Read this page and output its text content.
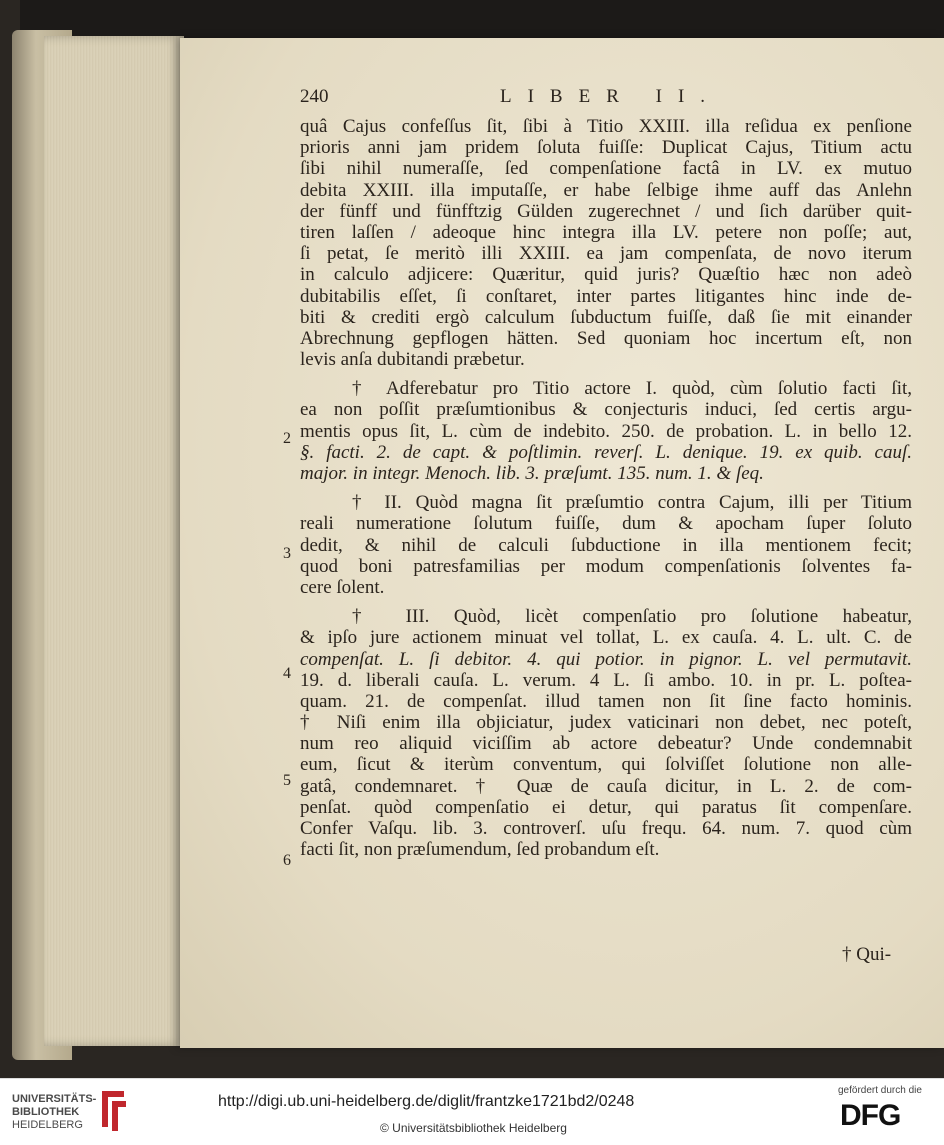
240	LIBER II.
quâ Cajus confeſſus ſit, ſibi à Titio XXIII. illa reſidua ex penſione
prioris anni jam pridem ſoluta fuiſſe: Duplicat Cajus, Titium actu
ſibi nihil numeraſſe, ſed compenſatione factâ in LV. ex mutuo
debita XXIII. illa imputaſſe, er habe ſelbige ihme auff das Anlehn
der fünff und fünfftzig Gülden zugerechnet / und ſich darüber quit-
tiren laſſen / adeoque hinc integra illa LV. petere non poſſe; aut,
ſi petat, ſe meritò illi XXIII. ea jam compenſata, de novo iterum
in calculo adjicere: Quæritur, quid juris? Quæſtio hæc non adeò
dubitabilis eſſet, ſi conſtaret, inter partes litigantes hinc inde de-
biti & crediti ergò calculum ſubductum fuiſſe, daß ſie mit einander
Abrechnung gepflogen hätten. Sed quoniam hoc incertum eſt, non
levis anſa dubitandi præbetur.
† Adferebatur pro Titio actore I. quòd, cùm ſolutio facti ſit,
ea non poſſit præſumtionibus & conjecturis induci, ſed certis argu-
mentis opus ſit, L. cùm de indebito. 250. de probation. L. in bello 12.
§. facti. 2. de capt. & poſtlimin. reverſ. L. denique. 19. ex quib. cauſ.
major. in integr. Menoch. lib. 3. præſumt. 135. num. 1. & ſeq.
† II. Quòd magna ſit præſumtio contra Cajum, illi per Titium
reali numeratione ſolutum fuiſſe, dum & apocham ſuper ſoluto
dedit, & nihil de calculi ſubductione in illa mentionem fecit;
quod boni patresfamilias per modum compenſationis ſolventes fa-
cere ſolent.
† III. Quòd, licèt compenſatio pro ſolutione habeatur,
& ipſo jure actionem minuat vel tollat, L. ex cauſa. 4. L. ult. C. de
compenſat. L. ſi debitor. 4. qui potior. in pignor. L. vel permutavit.
19. d. liberali cauſa. L. verum. 4 L. ſi ambo. 10. in pr. L. poſtea-
quam. 21. de compenſat. illud tamen non ſit ſine facto hominis.
† Niſi enim illa objiciatur, judex vaticinari non debet, nec poteſt,
num reo aliquid viciſſim ab actore debeatur? Unde condemnabit
eum, ſicut & iterùm conventum, qui ſolviſſet ſolutione non alle-
gatâ, condemnaret. † Quæ de cauſa dicitur, in L. 2. de com-
penſat. quòd compenſatio ei detur, qui paratus ſit compenſare.
Confer Vaſqu. lib. 3. controverſ. uſu frequ. 64. num. 7. quod cùm
facti ſit, non præſumendum, ſed probandum eſt.
2
3
4
5
6
† Qui-
UNIVERSITÄTS-
BIBLIOTHEK
HEIDELBERG
http://digi.ub.uni-heidelberg.de/diglit/frantzke1721bd2/0248
© Universitätsbibliothek Heidelberg
gefördert durch die
DFG
